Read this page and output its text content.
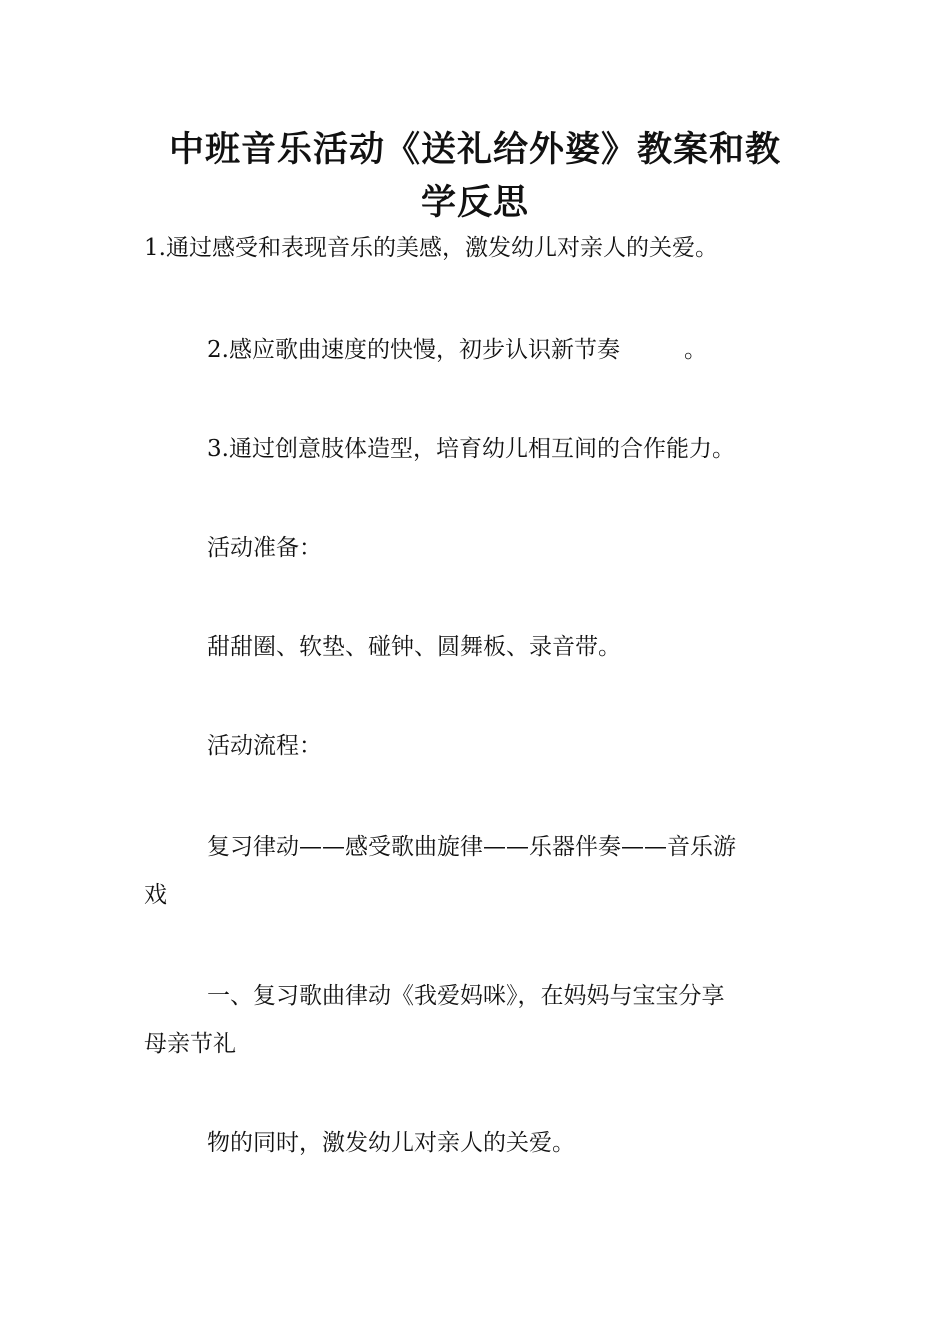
中班音乐活动《送礼给外婆》教案和教
学反思

1.通过感受和表现音乐的美感，激发幼儿对亲人的关爱。

2.感应歌曲速度的快慢，初步认识新节奏	。

3.通过创意肢体造型，培育幼儿相互间的合作能力。

活动准备：

甜甜圈、软垫、碰钟、圆舞板、录音带。

活动流程：

复习律动——感受歌曲旋律——乐器伴奏——音乐游
戏
一、复习歌曲律动《我爱妈咪》，在妈妈与宝宝分享
母亲节礼

物的同时，激发幼儿对亲人的关爱。
